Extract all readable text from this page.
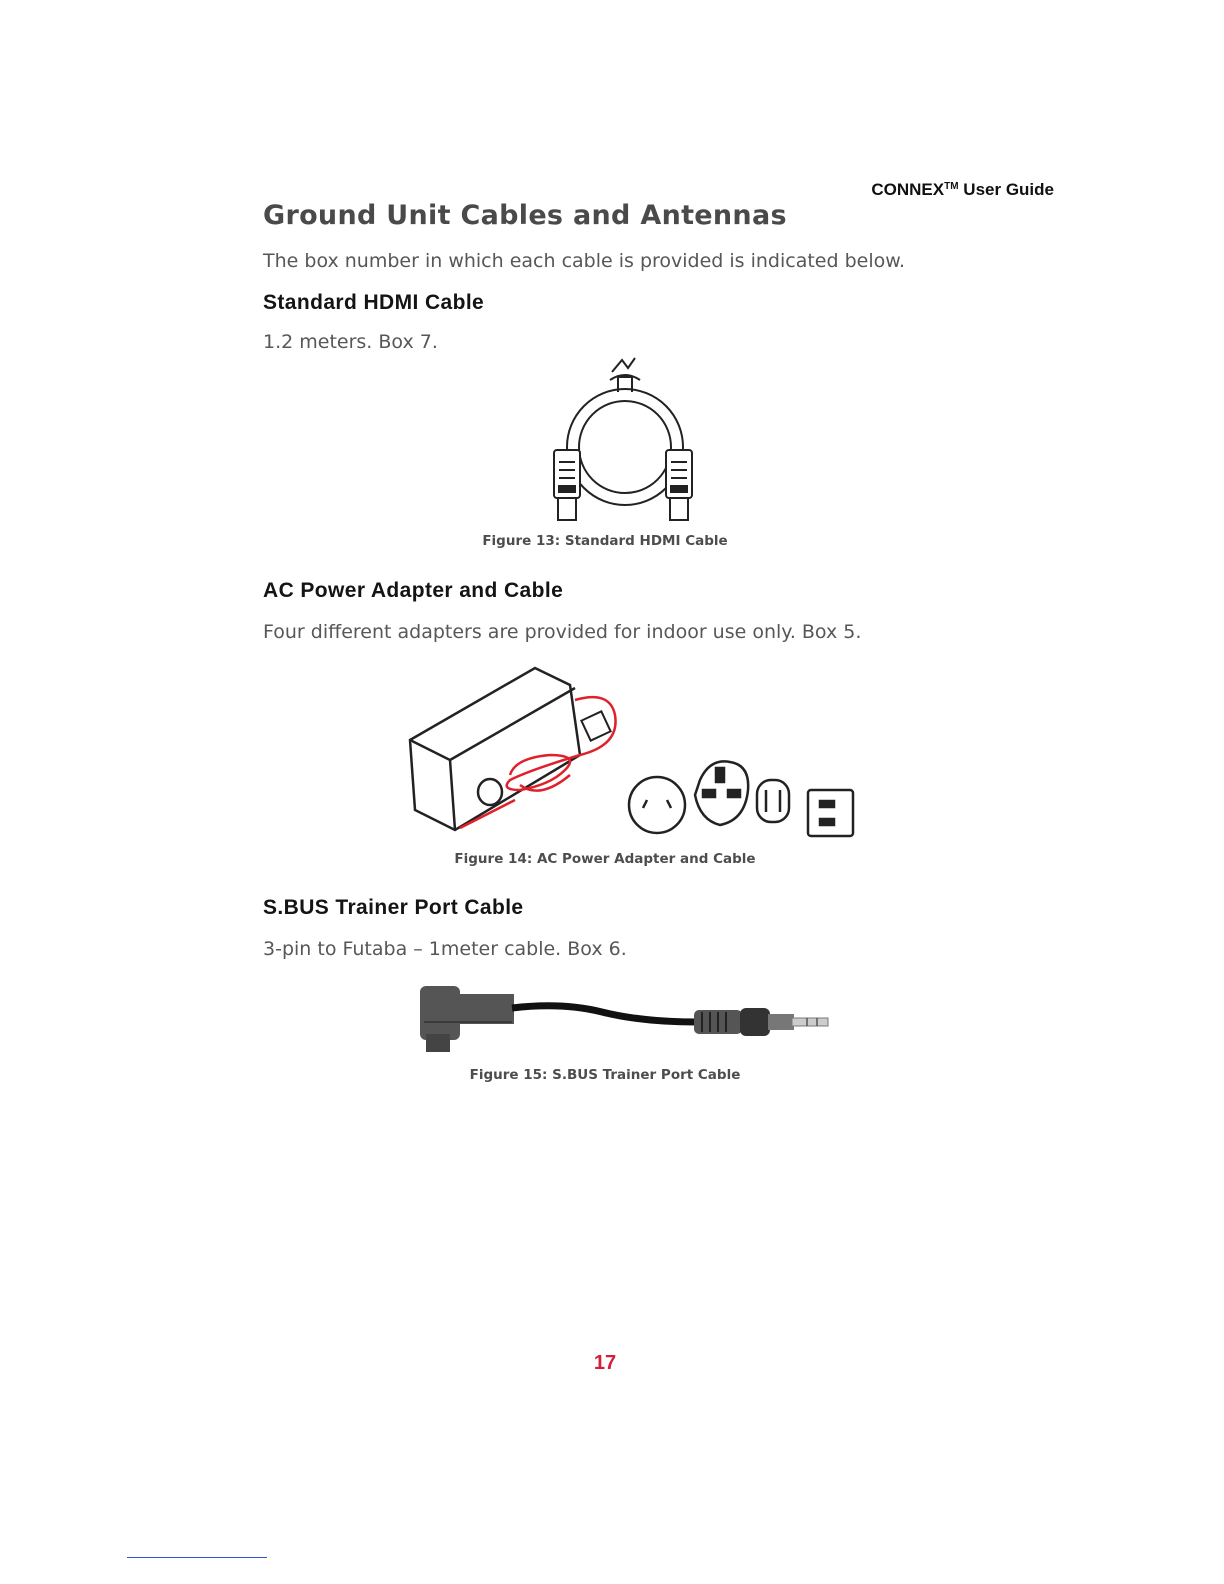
CONNEX™ User Guide
Ground Unit Cables and Antennas

The box number in which each cable is provided is indicated below.

Standard HDMI Cable

1.2 meters. Box 7.

Figure 13: Standard HDMI Cable

AC Power Adapter and Cable

Four different adapters are provided for indoor use only. Box 5.

Figure 14: AC Power Adapter and Cable

S.BUS Trainer Port Cable

3-pin to Futaba – 1meter cable. Box 6.

Figure 15: S.BUS Trainer Port Cable

17
